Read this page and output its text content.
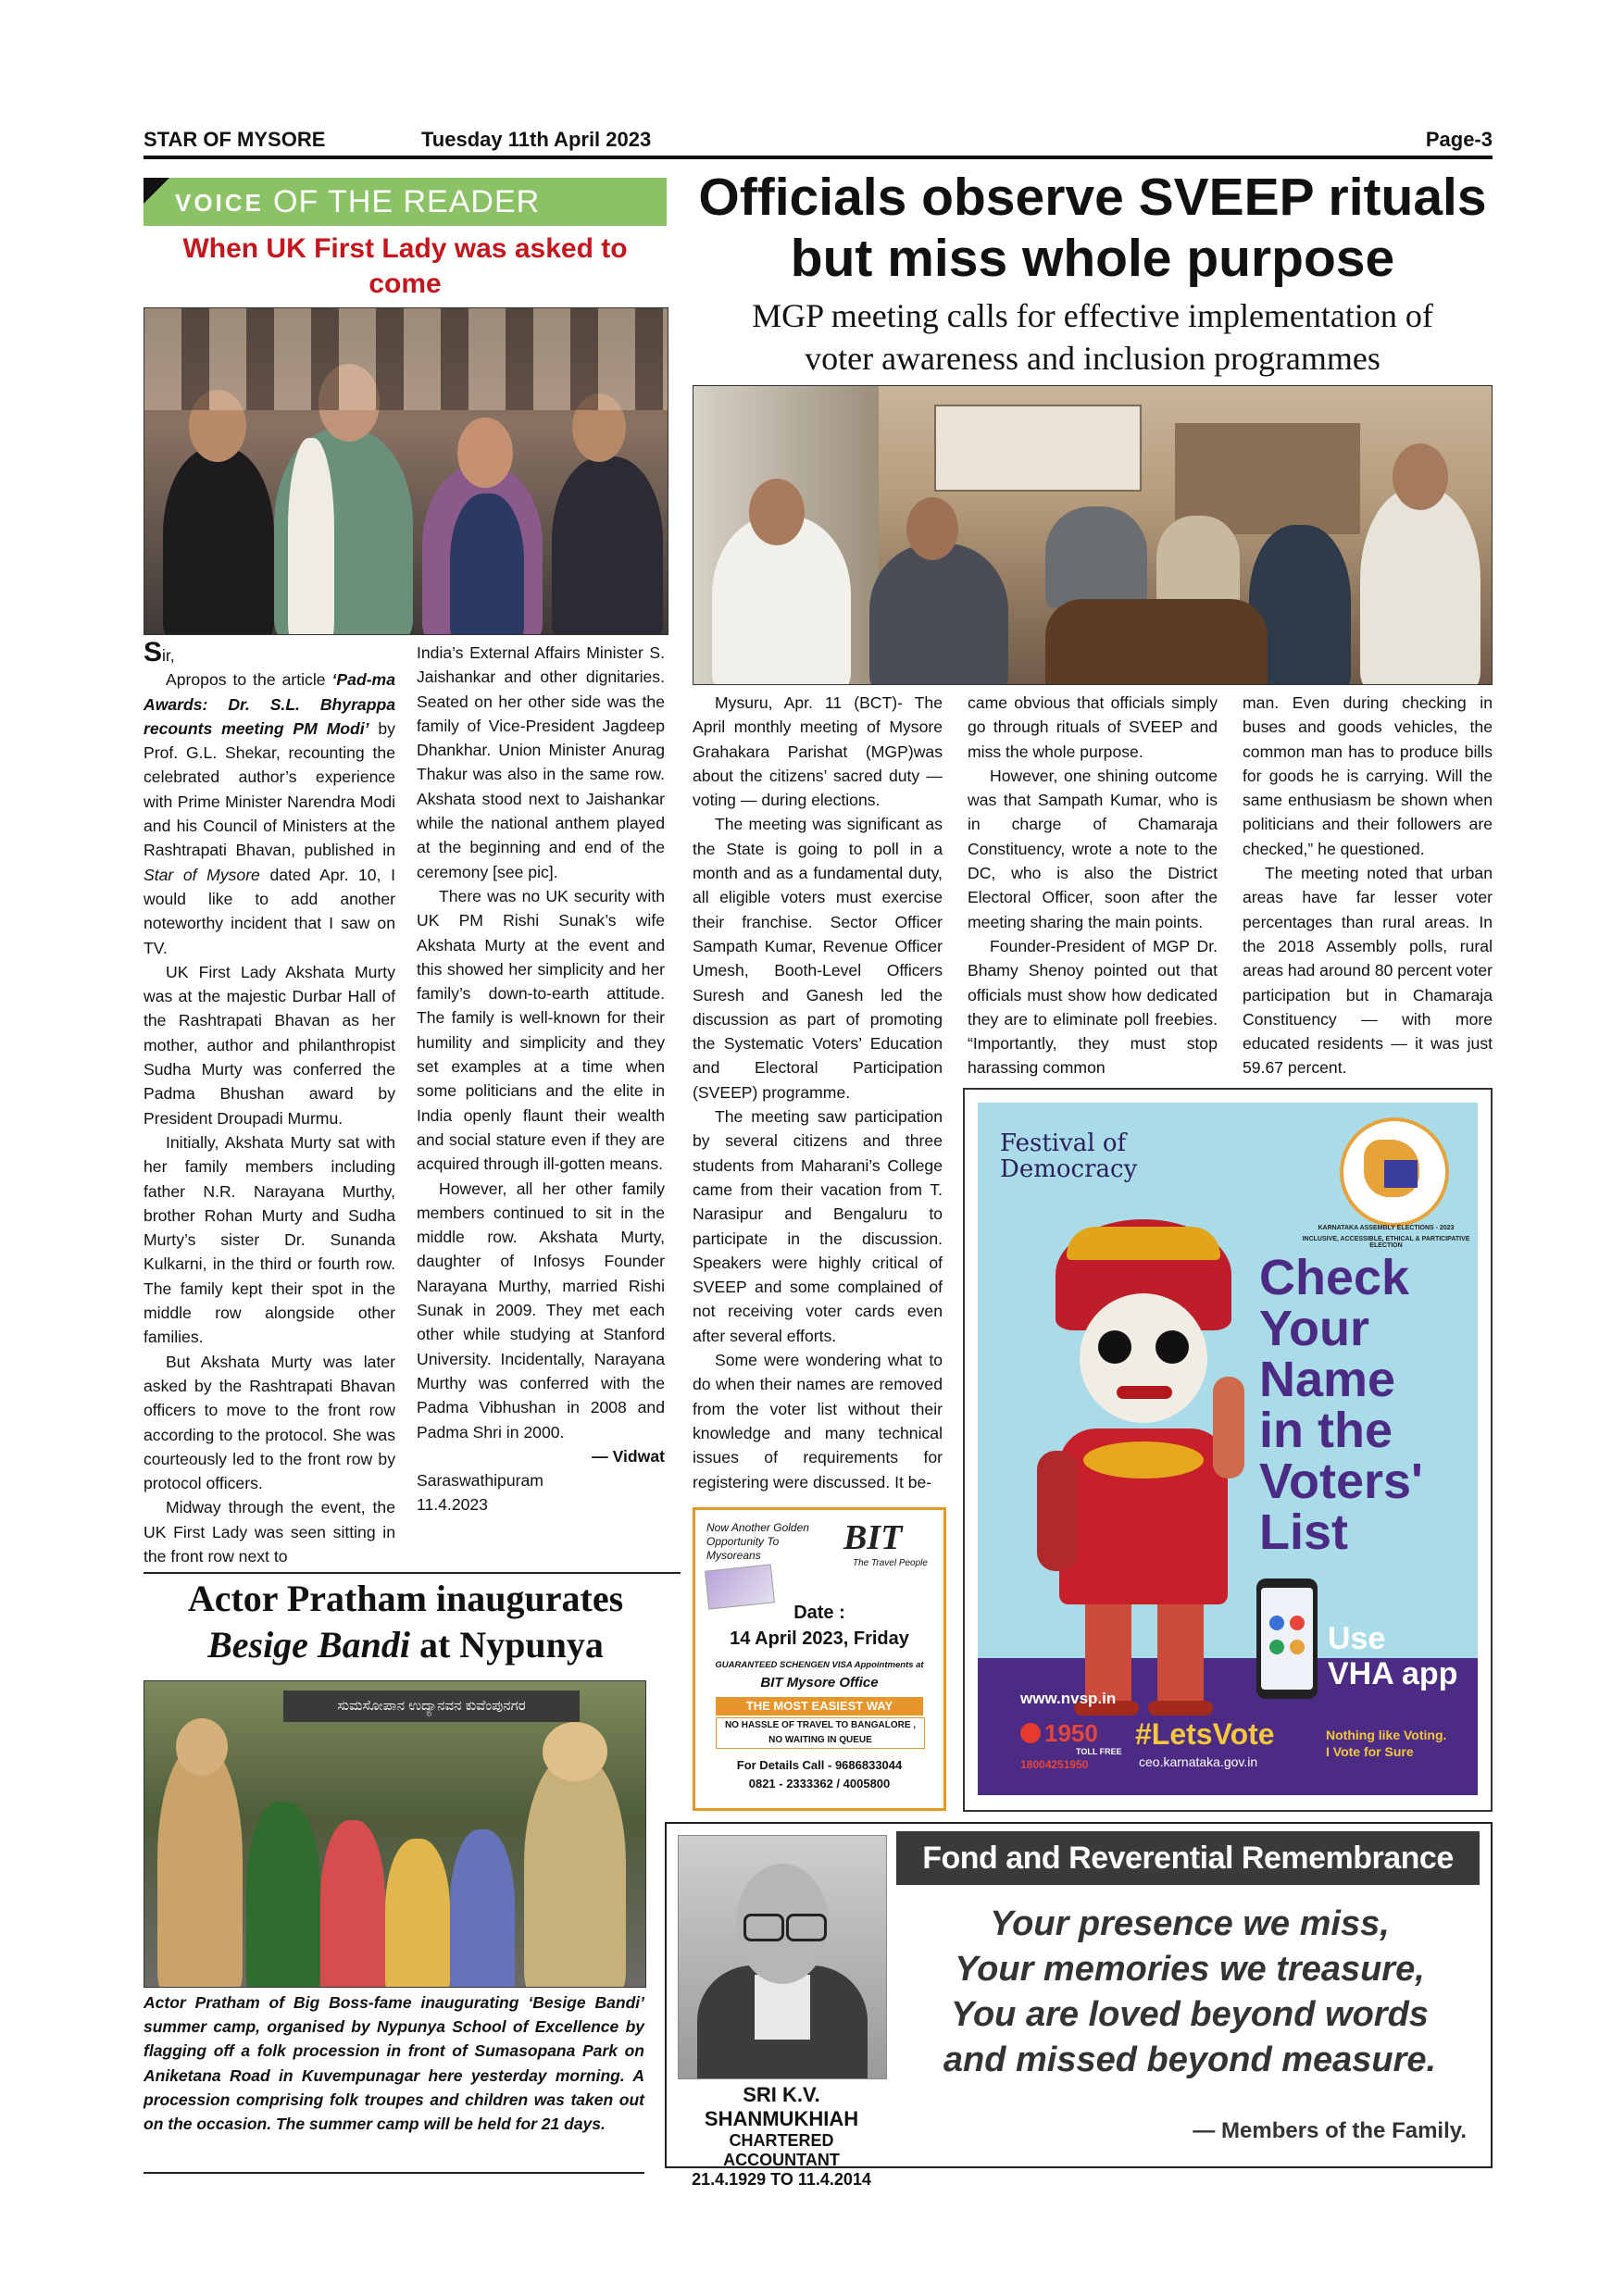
STAR OF MYSORE	Tuesday 11th April 2023	Page-3
VOICE OF THE READER
When UK First Lady was asked to come

Sir,

Apropos to the article ‘Pad-ma Awards: Dr. S.L. Bhyrappa recounts meeting PM Modi’ by Prof. G.L. Shekar, recounting the celebrated author’s experience with Prime Minister Narendra Modi and his Council of Ministers at the Rashtrapati Bhavan, published in Star of Mysore dated Apr. 10, I would like to add another noteworthy incident that I saw on TV.

UK First Lady Akshata Murty was at the majestic Durbar Hall of the Rashtrapati Bhavan as her mother, author and philanthropist Sudha Murty was conferred the Padma Bhushan award by President Droupadi Murmu.

Initially, Akshata Murty sat with her family members including father N.R. Narayana Murthy, brother Rohan Murty and Sudha Murty’s sister Dr. Sunanda Kulkarni, in the third or fourth row. The family kept their spot in the middle row alongside other families.

But Akshata Murty was later asked by the Rashtrapati Bhavan officers to move to the front row according to the protocol. She was courteously led to the front row by protocol officers.

Midway through the event, the UK First Lady was seen sitting in the front row next to

India’s External Affairs Minister S. Jaishankar and other dignitaries. Seated on her other side was the family of Vice-President Jagdeep Dhankhar. Union Minister Anurag Thakur was also in the same row. Akshata stood next to Jaishankar while the national anthem played at the beginning and end of the ceremony [see pic].

There was no UK security with UK PM Rishi Sunak’s wife Akshata Murty at the event and this showed her simplicity and her family’s down-to-earth attitude. The family is well-known for their humility and simplicity and they set examples at a time when some politicians and the elite in India openly flaunt their wealth and social stature even if they are acquired through ill-gotten means.

However, all her other family members continued to sit in the middle row. Akshata Murty, daughter of Infosys Founder Narayana Murthy, married Rishi Sunak in 2009. They met each other while studying at Stanford University. Incidentally, Narayana Murthy was conferred with the Padma Vibhushan in 2008 and Padma Shri in 2000.

— Vidwat
Saraswathipuram
11.4.2023
Officials observe SVEEP rituals
but miss whole purpose
MGP meeting calls for effective implementation of
voter awareness and inclusion programmes

Mysuru, Apr. 11 (BCT)- The April monthly meeting of Mysore Grahakara Parishat (MGP)was about the citizens’ sacred duty — voting — during elections.

The meeting was significant as the State is going to poll in a month and as a fundamental duty, all eligible voters must exercise their franchise. Sector Officer Sampath Kumar, Revenue Officer Umesh, Booth-Level Officers Suresh and Ganesh led the discussion as part of promoting the Systematic Voters’ Education and Electoral Participation (SVEEP) programme.

The meeting saw participation by several citizens and three students from Maharani’s College came from their vacation from T. Narasipur and Bengaluru to participate in the discussion. Speakers were highly critical of SVEEP and some complained of not receiving voter cards even after several efforts.

Some were wondering what to do when their names are removed from the voter list without their knowledge and many technical issues of requirements for registering were discussed. It be-

came obvious that officials simply go through rituals of SVEEP and miss the whole purpose.

However, one shining outcome was that Sampath Kumar, who is in charge of Chamaraja Constituency, wrote a note to the DC, who is also the District Electoral Officer, soon after the meeting sharing the main points.

Founder-President of MGP Dr. Bhamy Shenoy pointed out that officials must show how dedicated they are to eliminate poll freebies. “Importantly, they must stop harassing common

man. Even during checking in buses and goods vehicles, the common man has to produce bills for goods he is carrying. Will the same enthusiasm be shown when politicians and their followers are checked,” he questioned.

The meeting noted that urban areas have far lesser voter percentages than rural areas. In the 2018 Assembly polls, rural areas had around 80 percent voter participation but in Chamaraja Constituency — with more educated residents — it was just 59.67 percent.

Now Another Golden
Opportunity To
Mysoreans	BIT
The Travel People
Date :
14 April 2023, Friday
GUARANTEED SCHENGEN VISA Appointments at
BIT Mysore Office
THE MOST EASIEST WAY
NO HASSLE OF TRAVEL TO BANGALORE ,
NO WAITING IN QUEUE
For Details Call - 9686833044
0821 - 2333362 / 4005800
Festival of
Democracy
KARNATAKA ASSEMBLY ELECTIONS - 2023
INCLUSIVE, ACCESSIBLE, ETHICAL & PARTICIPATIVE ELECTION
Check
Your
Name
in the
Voters'
List
Use
VHA app
www.nvsp.in
1950
TOLL FREE
18004251950
#LetsVote
ceo.karnataka.gov.in
Nothing like Voting.
I Vote for Sure
Actor Pratham inaugurates
Besige Bandi at Nypunya
ಸುಮಸೋಪಾನ ಉದ್ಯಾನವನ ಕುವೆಂಪುನಗರ
Actor Pratham of Big Boss-fame inaugurating ‘Besige Bandi’ summer camp, organised by Nypunya School of Excellence by flagging off a folk procession in front of Sumasopana Park on Aniketana Road in Kuvempunagar here yesterday morning. A procession comprising folk troupes and children was taken out on the occasion. The summer camp will be held for 21 days.
Fond and Reverential Remembrance
SRI K.V. SHANMUKHIAH
CHARTERED ACCOUNTANT
21.4.1929 TO 11.4.2014
Your presence we miss,
Your memories we treasure,
You are loved beyond words
and missed beyond measure.
— Members of the Family.
